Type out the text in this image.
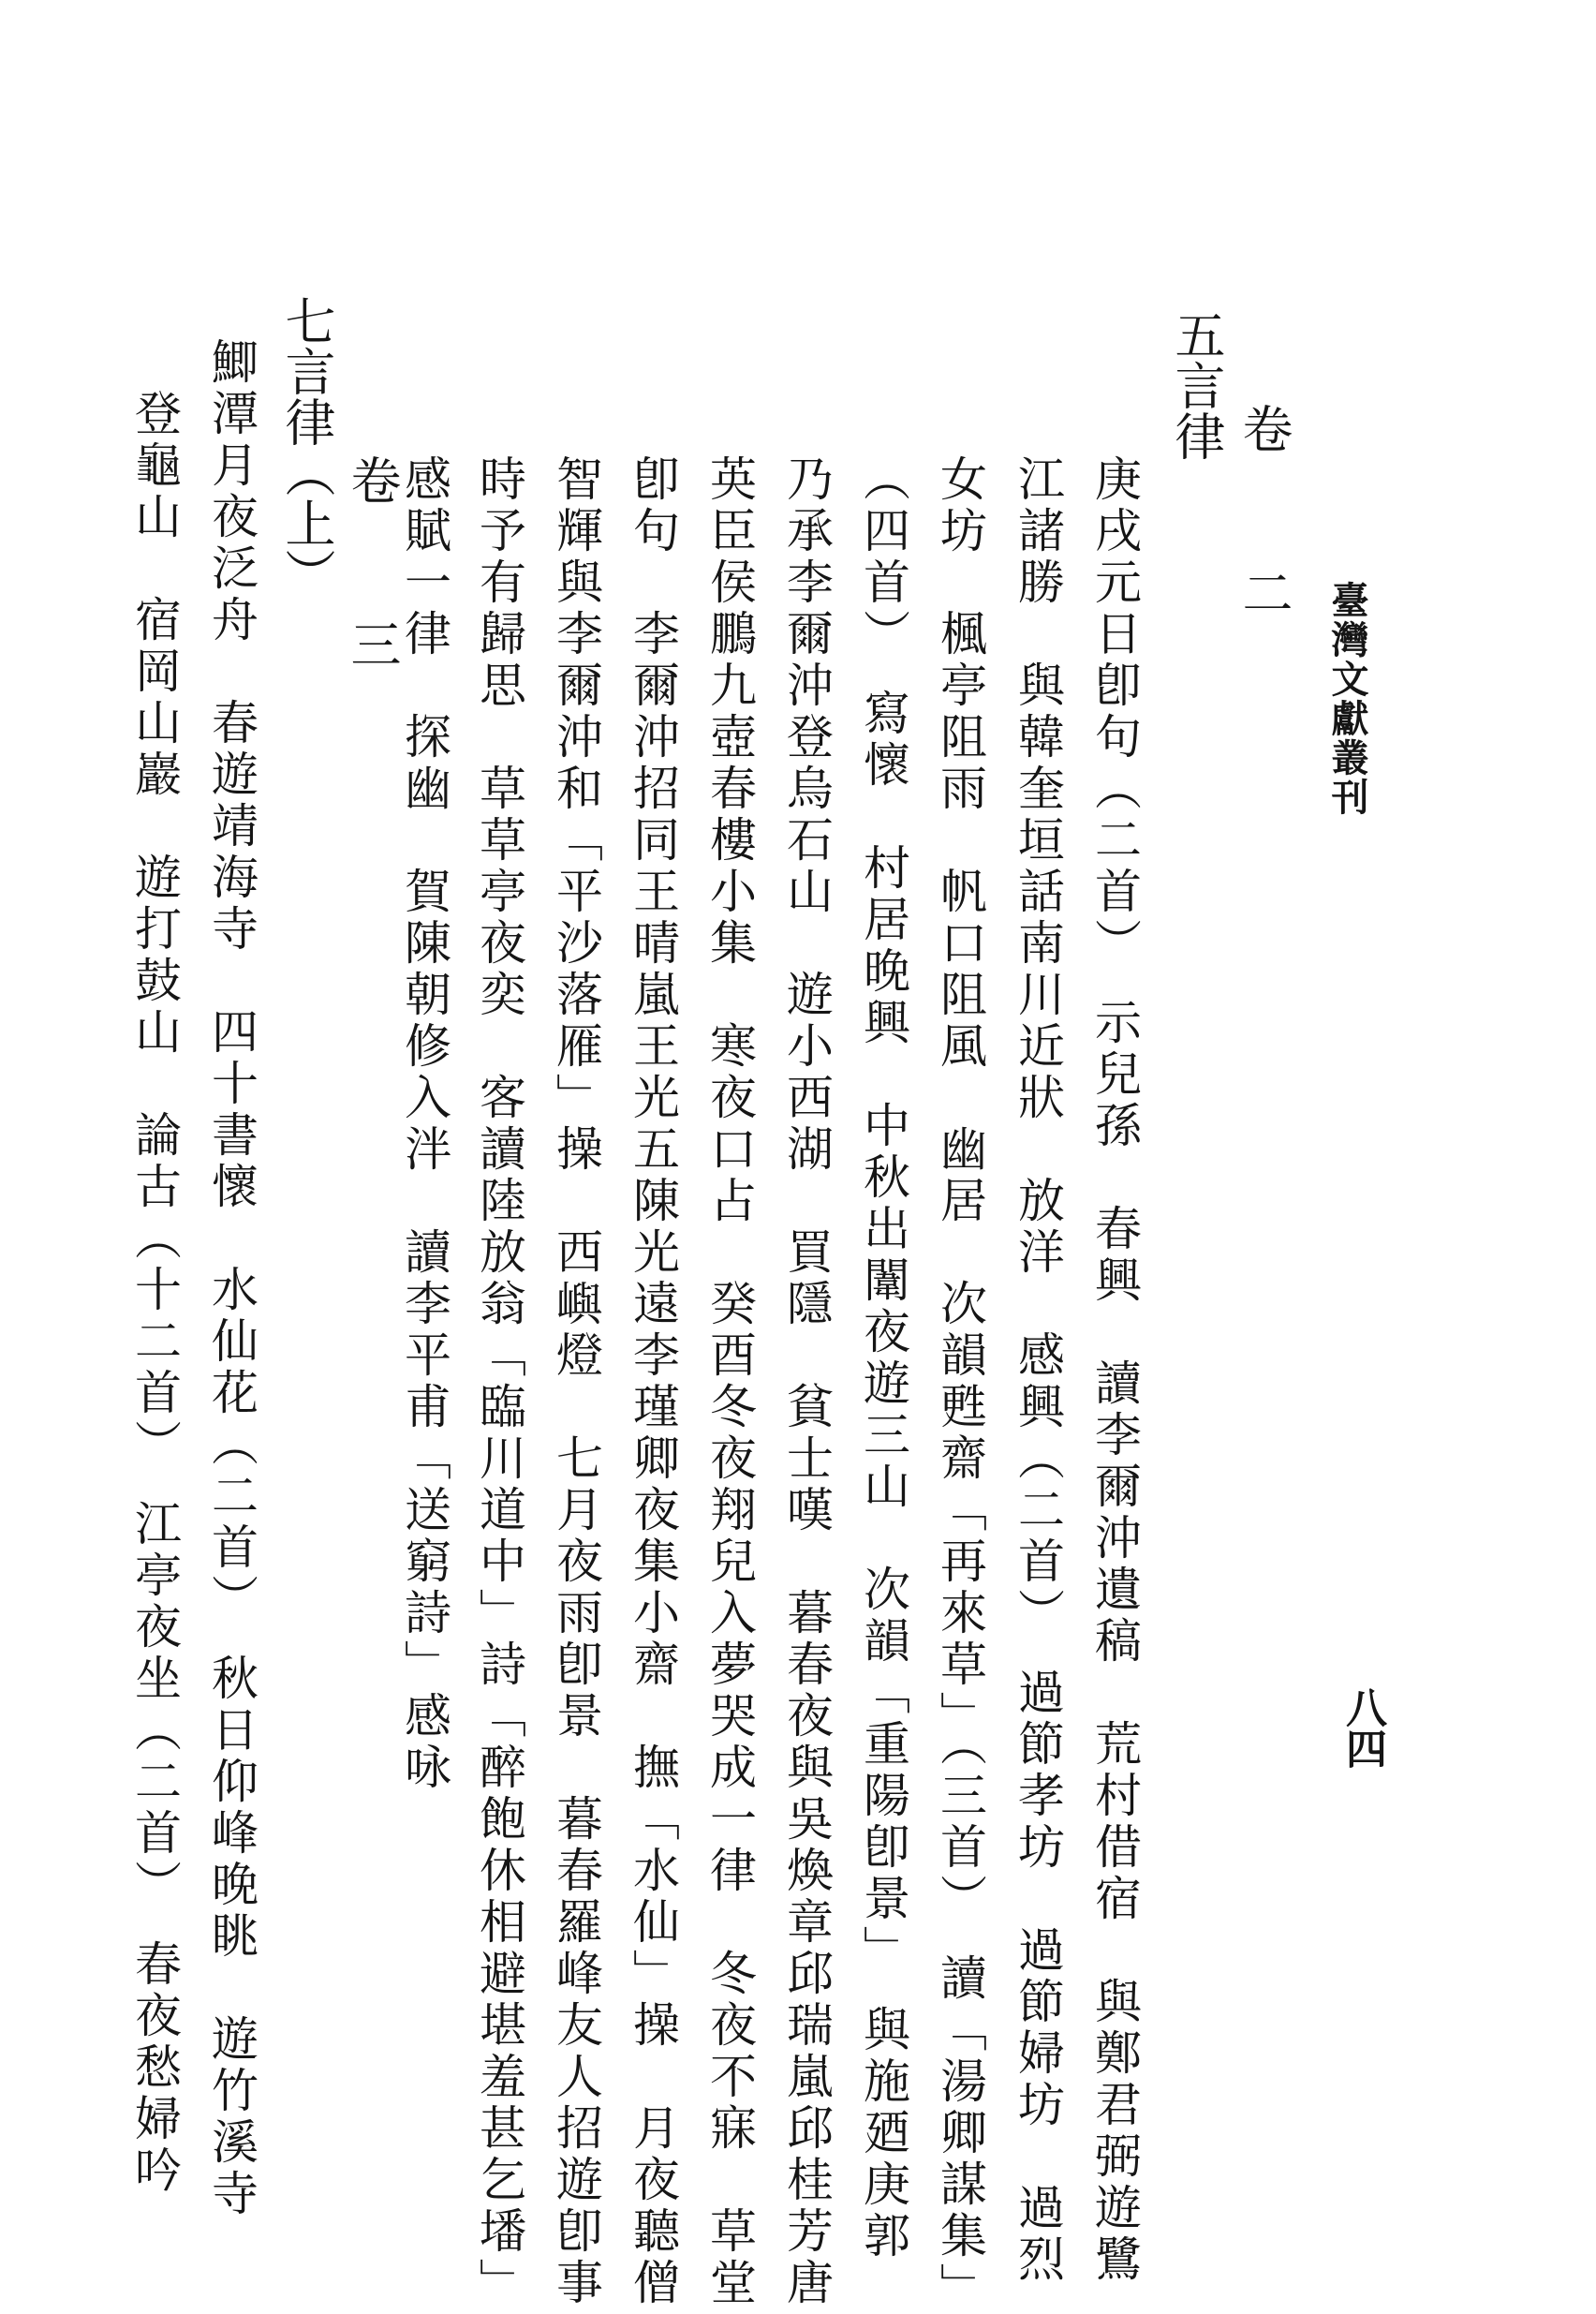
臺灣文獻叢刊
八四
卷 二
五言律
庚戌元日卽句（二首）　示兒孫　春興　讀李爾沖遺稿　荒村借宿　與鄭君弼遊鷺
江諸勝　與韓奎垣話南川近狀　放洋　感興（二首）　過節孝坊　過節婦坊　過烈
女坊　楓亭阻雨　帆口阻風　幽居　次韻甦齋「再來草」（三首）　讀「湯卿謀集」
（四首）　寫懷　村居晚興　中秋出闈夜遊三山　次韻「重陽卽景」　與施廼庚郭
乃承李爾沖登烏石山　遊小西湖　買隱　貧士嘆　暮春夜與吳煥章邱瑞嵐邱桂芳唐
英臣侯鵬九壺春樓小集　寒夜口占　癸酉冬夜翔兒入夢哭成一律　冬夜不寐　草堂
卽句　李爾沖招同王晴嵐王光五陳光遠李瑾卿夜集小齋　撫「水仙」操　月夜聽僧
智輝與李爾沖和「平沙落雁」操　西嶼燈　七月夜雨卽景　暮春羅峰友人招遊卽事
時予有歸思　草草亭夜奕　客讀陸放翁「臨川道中」詩「醉飽休相避堪羞甚乞墦」
感賦一律　探幽　賀陳朝修入泮　讀李平甫「送窮詩」感咏
卷 三
七言律（上）
鯽潭月夜泛舟　春遊靖海寺　四十書懷　水仙花（二首）　秋日仰峰晚眺　遊竹溪寺
登龜山　宿岡山巖　遊打鼓山　論古（十二首）　江亭夜坐（二首）　春夜愁婦吟
